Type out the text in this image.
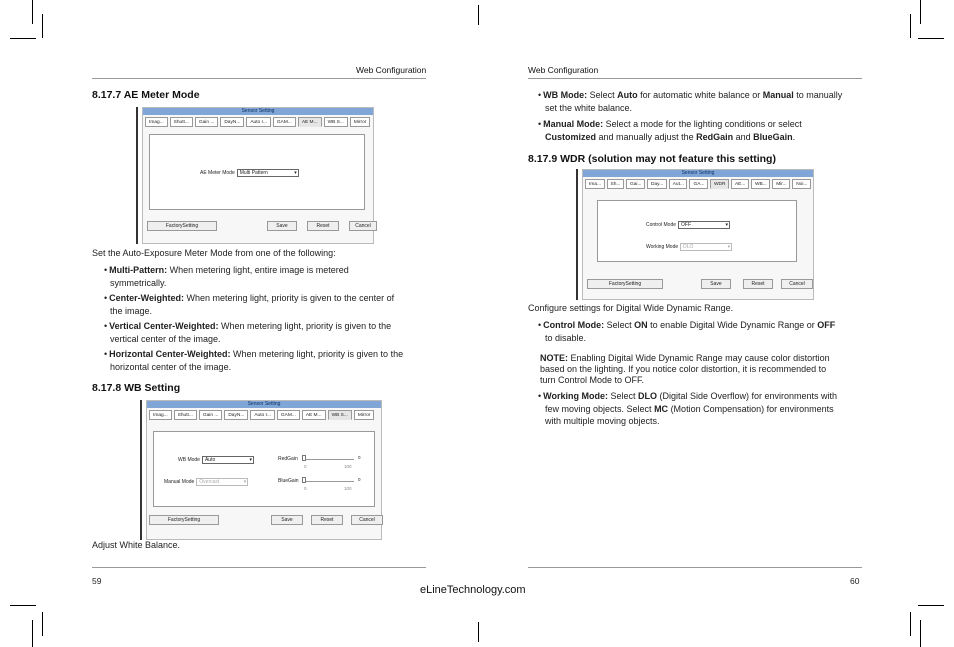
Web Configuration
8.17.7 AE Meter Mode
Sensor Setting
Imag...	Shutt...	Gain ...	DayN...	Auto I...	GAM...	AE M...	WB S...	Mirror
AE Meter Mode	Multi Pattern	▾
FactorySetting	Save	Reset	Cancel
Set the Auto-Exposure Meter Mode from one of the following:
• Multi-Pattern: When metering light, entire image is metered
symmetrically.
• Center-Weighted: When metering light, priority is given to the center of
the image.
• Vertical Center-Weighted: When metering light, priority is given to the
vertical center of the image.
• Horizontal Center-Weighted: When metering light, priority is given to the
horizontal center of the image.
8.17.8 WB Setting
Sensor Setting
Imag...	Shutt...	Gain ...	DayN...	Auto I...	GAM...	AE M...	WB S...	Mirror
WB Mode	Auto	▾
Manual Mode	Overcast	▾
RedGain	0
0	100
BlueGain	0
0	100
FactorySetting	Save	Reset	Cancel
Adjust White Balance.
59
Web Configuration
• WB Mode: Select Auto for automatic white balance or Manual to manually
set the white balance.
• Manual Mode: Select a mode for the lighting conditions or select
Customized and manually adjust the RedGain and BlueGain.
8.17.9 WDR (solution may not feature this setting)
Sensor Setting
Ima...	Sh...	Gai...	Day...	Aut...	GA...	WDR	AE...	WB...	Mir...	Noi...
Control Mode	OFF	▾
Working Mode	DLO	▾
FactorySetting	Save	Reset	Cancel
Configure settings for Digital Wide Dynamic Range.
• Control Mode: Select ON to enable Digital Wide Dynamic Range or OFF
to disable.
NOTE: Enabling Digital Wide Dynamic Range may cause color distortion
based on the lighting. If you notice color distortion, it is recommended to
turn Control Mode to OFF.
• Working Mode: Select DLO (Digital Side Overflow) for environments with
few moving objects. Select MC (Motion Compensation) for environments
with multiple moving objects.
60
eLineTechnology.com
